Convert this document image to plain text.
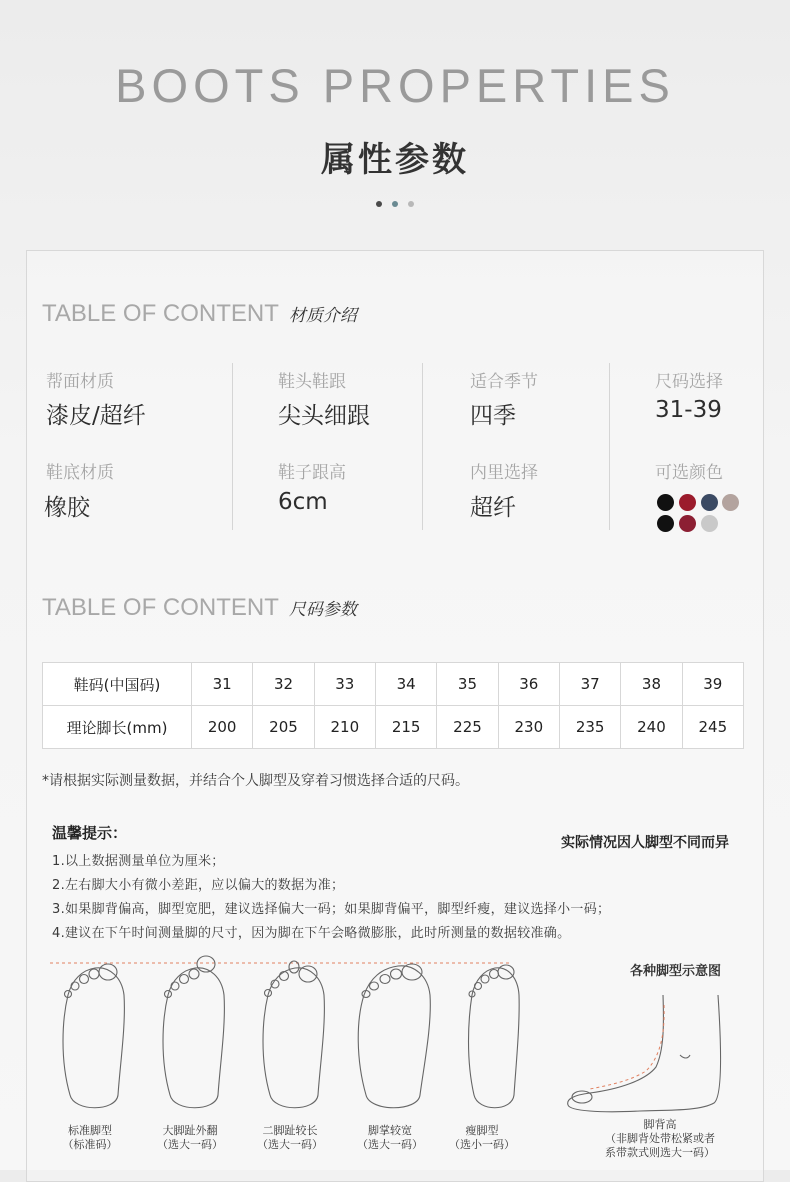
BOOTS PROPERTIES
属性参数
TABLE OF CONTENT 材质介绍
帮面材质
漆皮/超纤
鞋头鞋跟
尖头细跟
适合季节
四季
尺码选择
31-39
鞋底材质
橡胶
鞋子跟高
6cm
内里选择
超纤
可选颜色
TABLE OF CONTENT 尺码参数
鞋码(中国码)	31	32	33	34	35	36	37	38	39
理论脚长(mm)	200	205	210	215	225	230	235	240	245
*请根据实际测量数据，并结合个人脚型及穿着习惯选择合适的尺码。
温馨提示：
实际情况因人脚型不同而异
1.以上数据测量单位为厘米；
2.左右脚大小有微小差距，应以偏大的数据为准；
3.如果脚背偏高，脚型宽肥，建议选择偏大一码；如果脚背偏平，脚型纤瘦，建议选择小一码；
4.建议在下午时间测量脚的尺寸，因为脚在下午会略微膨胀，此时所测量的数据较准确。
各种脚型示意图
标准脚型
（标准码）
大脚趾外翻
（选大一码）
二脚趾较长
（选大一码）
脚掌较宽
（选大一码）
瘦脚型
（选小一码）
脚背高
（非脚背处带松紧或者
系带款式则选大一码）
